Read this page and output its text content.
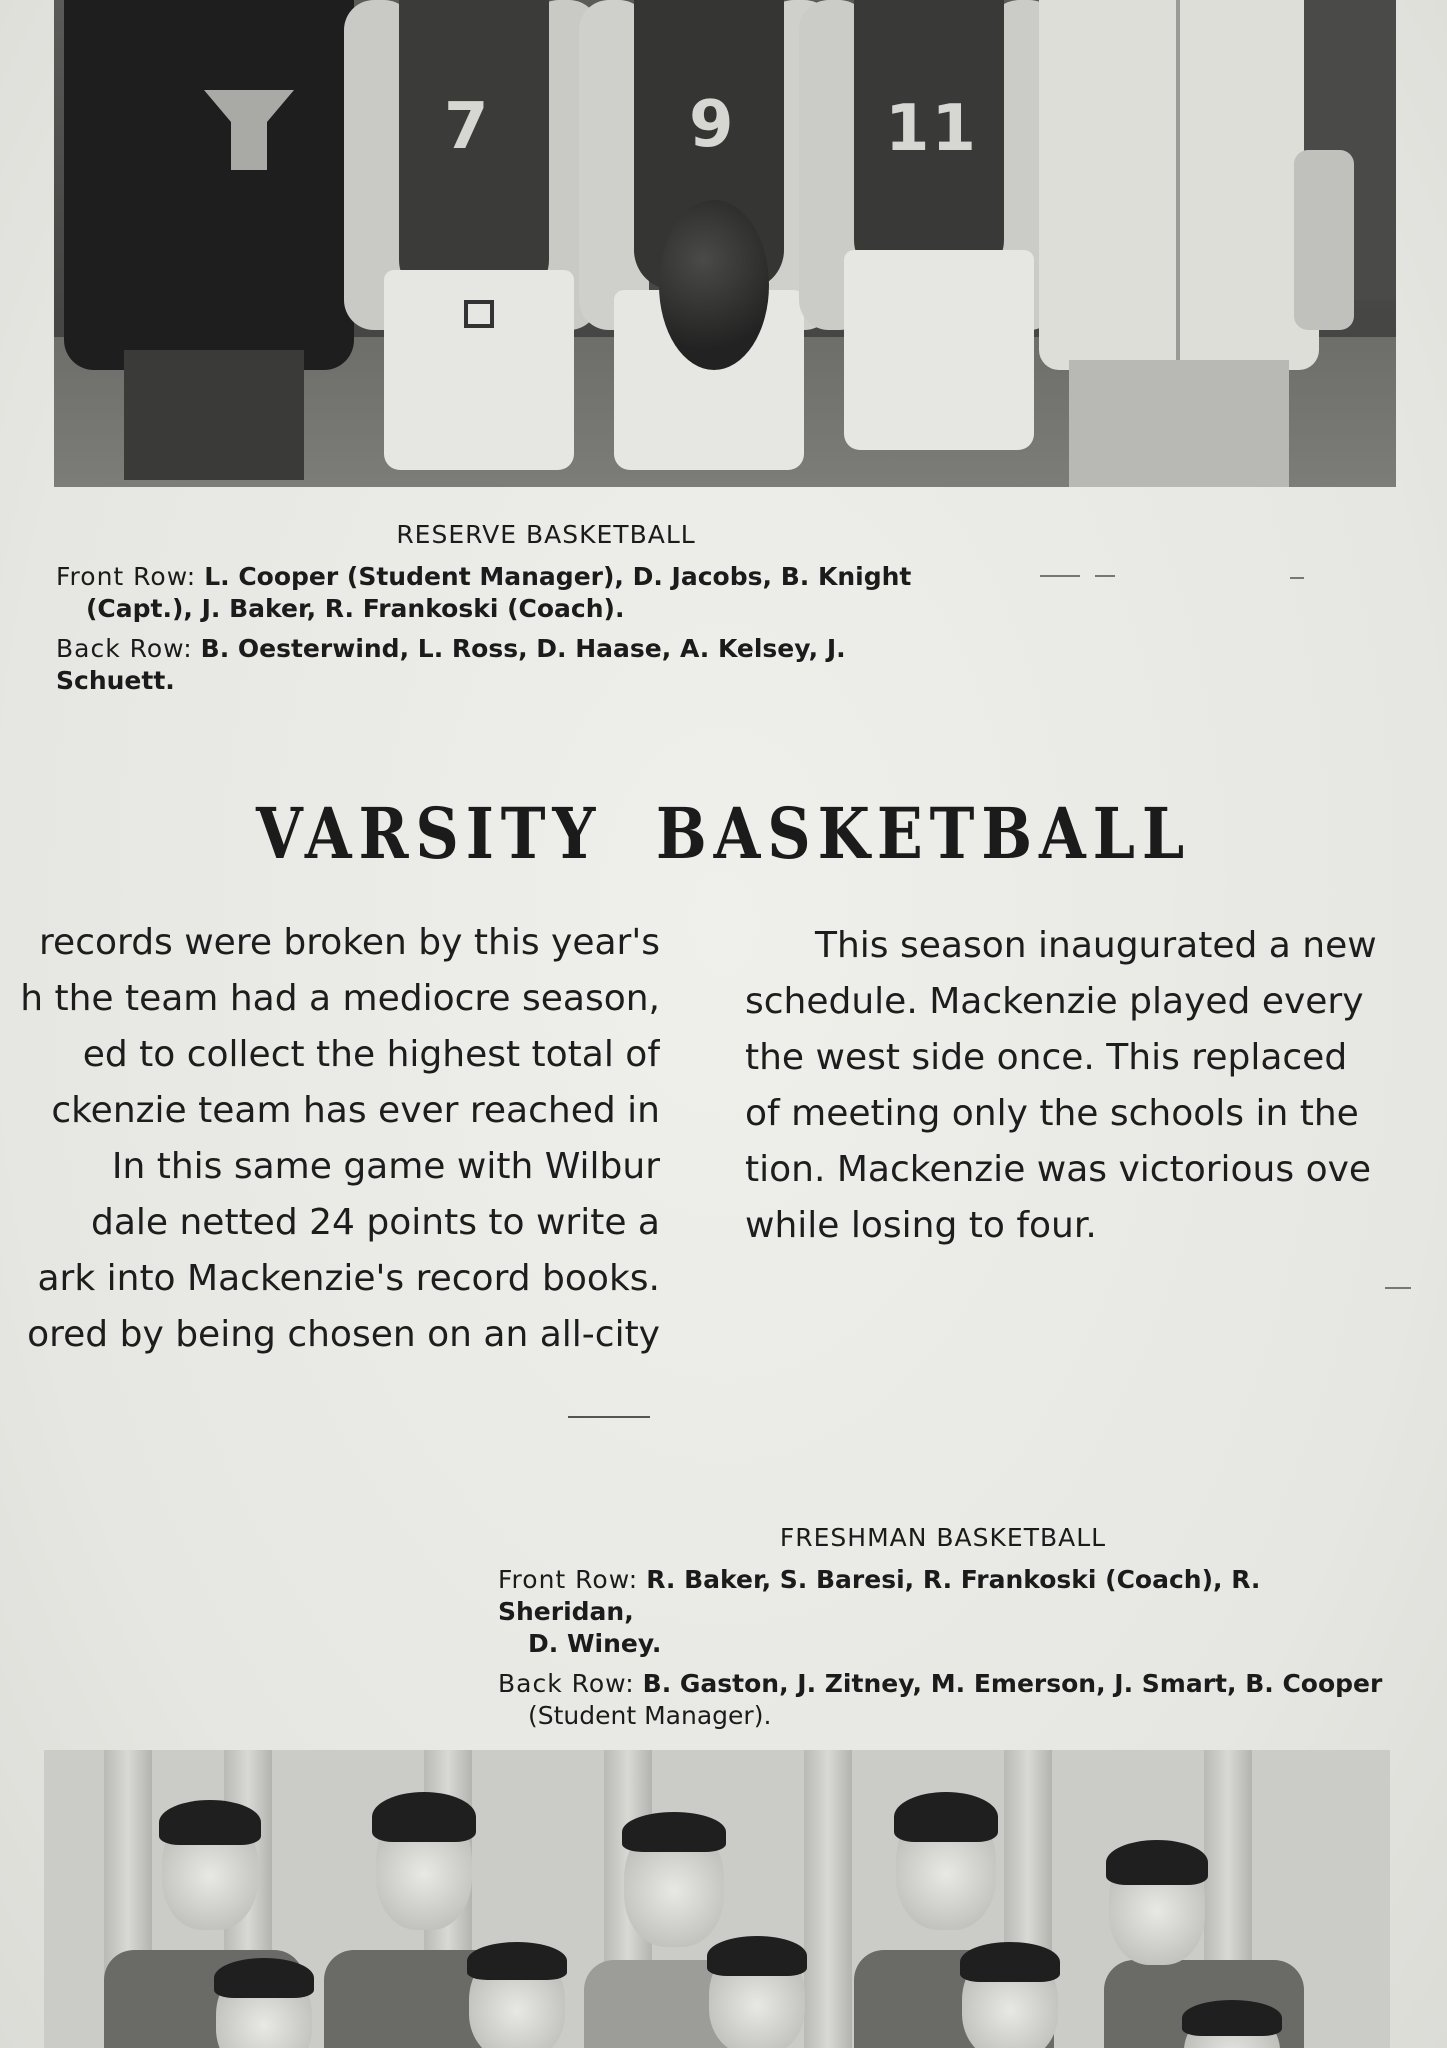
7	9 11
RESERVE BASKETBALL
Front Row: L. Cooper (Student Manager), D. Jacobs, B. Knight
(Capt.), J. Baker, R. Frankoski (Coach).
Back Row: B. Oesterwind, L. Ross, D. Haase, A. Kelsey, J. Schuett.
VARSITY BASKETBALL
records were broken by this year's
h the team had a mediocre season,
ed to collect the highest total of
ckenzie team has ever reached in
In this same game with Wilbur
dale netted 24 points to write a
ark into Mackenzie's record books.
ored by being chosen on an all-city
This season inaugurated a new
schedule. Mackenzie played every
the west side once. This replaced
of meeting only the schools in the
tion. Mackenzie was victorious ove
while losing to four.
FRESHMAN BASKETBALL
Front Row: R. Baker, S. Baresi, R. Frankoski (Coach), R. Sheridan,
D. Winey.
Back Row: B. Gaston, J. Zitney, M. Emerson, J. Smart, B. Cooper
(Student Manager).
